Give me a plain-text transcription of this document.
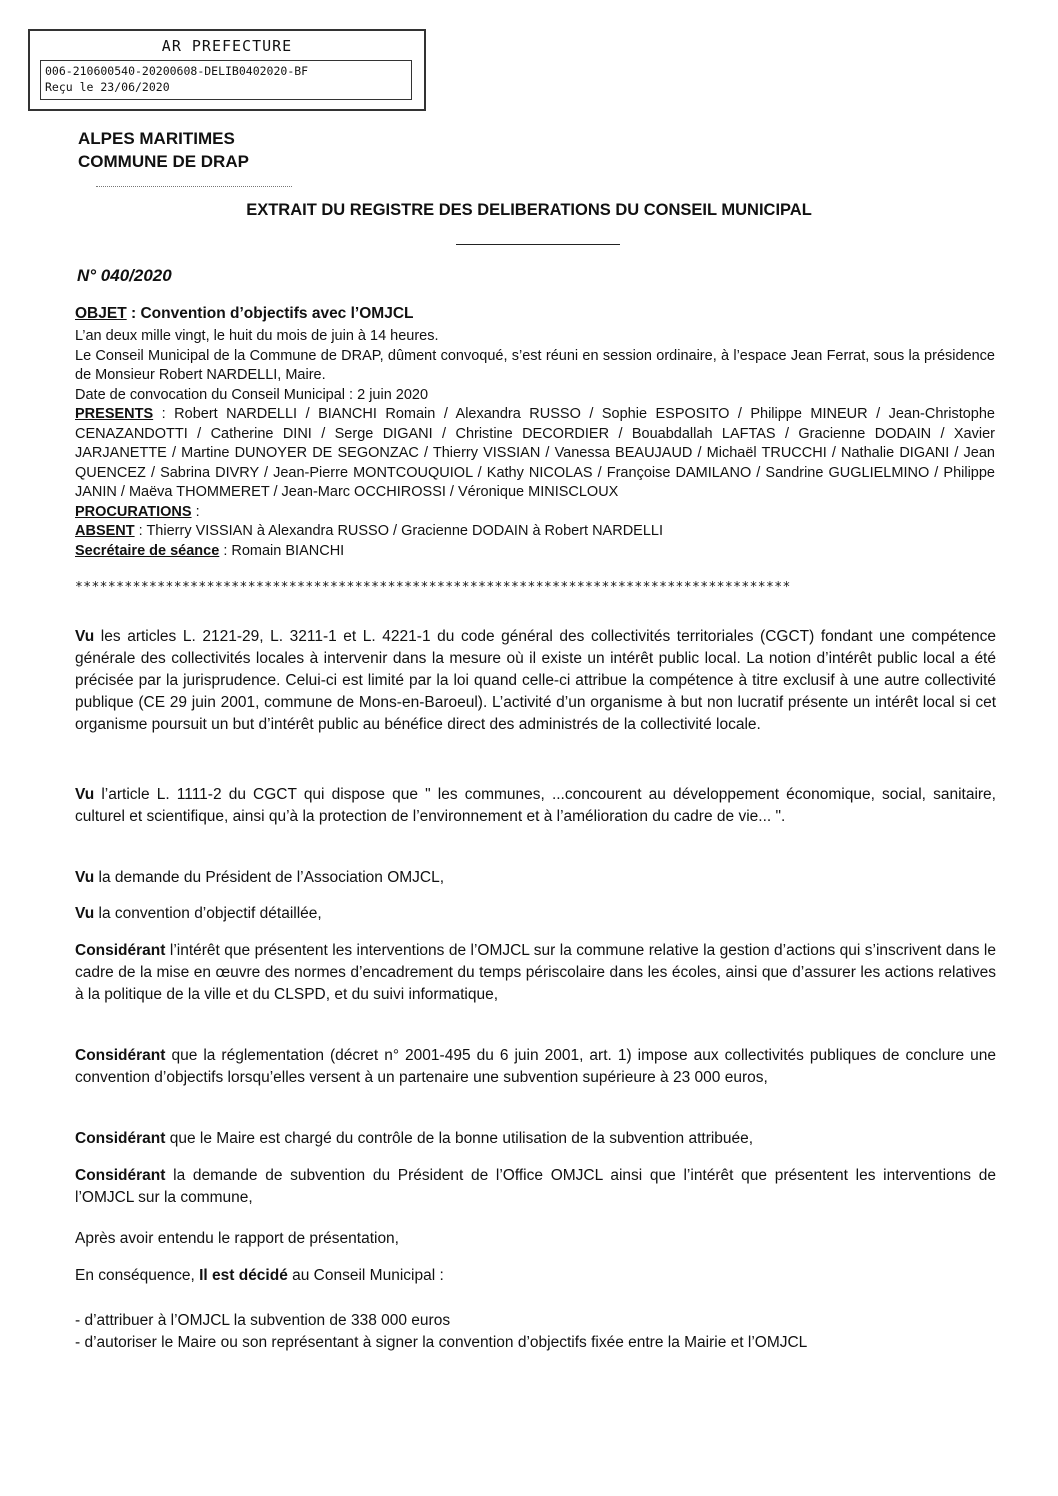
AR PREFECTURE
006-210600540-20200608-DELIB0402020-BF
Reçu le 23/06/2020
ALPES MARITIMES
COMMUNE DE DRAP
EXTRAIT DU REGISTRE DES DELIBERATIONS DU CONSEIL MUNICIPAL
N° 040/2020
OBJET : Convention d’objectifs avec l’OMJCL

L’an deux mille vingt, le huit du mois de juin à 14 heures.

Le Conseil Municipal de la Commune de DRAP, dûment convoqué, s’est réuni en session ordinaire, à l’espace Jean Ferrat, sous la présidence de Monsieur Robert NARDELLI, Maire.

Date de convocation du Conseil Municipal : 2 juin 2020

PRESENTS : Robert NARDELLI / BIANCHI Romain / Alexandra RUSSO / Sophie ESPOSITO / Philippe MINEUR / Jean-Christophe CENAZANDOTTI / Catherine DINI / Serge DIGANI / Christine DECORDIER / Bouabdallah LAFTAS / Gracienne DODAIN / Xavier JARJANETTE / Martine DUNOYER DE SEGONZAC / Thierry VISSIAN / Vanessa BEAUJAUD / Michaël TRUCCHI / Nathalie DIGANI / Jean QUENCEZ / Sabrina DIVRY / Jean-Pierre MONTCOUQUIOL / Kathy NICOLAS / Françoise DAMILANO / Sandrine GUGLIELMINO / Philippe JANIN / Maëva THOMMERET / Jean-Marc OCCHIROSSI / Véronique MINISCLOUX

PROCURATIONS :

ABSENT : Thierry VISSIAN à Alexandra RUSSO / Gracienne DODAIN à Robert NARDELLI

Secrétaire de séance : Romain BIANCHI

***************************************************************************************

Vu les articles L. 2121-29, L. 3211-1 et L. 4221-1 du code général des collectivités territoriales (CGCT) fondant une compétence générale des collectivités locales à intervenir dans la mesure où il existe un intérêt public local. La notion d’intérêt public local a été précisée par la jurisprudence. Celui-ci est limité par la loi quand celle-ci attribue la compétence à titre exclusif à une autre collectivité publique (CE 29 juin 2001, commune de Mons-en-Baroeul). L’activité d’un organisme à but non lucratif présente un intérêt local si cet organisme poursuit un but d’intérêt public au bénéfice direct des administrés de la collectivité locale.

Vu l’article L. 1111-2 du CGCT qui dispose que " les communes, ...concourent au développement économique, social, sanitaire, culturel et scientifique, ainsi qu’à la protection de l’environnement et à l’amélioration du cadre de vie... ".

Vu la demande du Président de l’Association OMJCL,

Vu la convention d’objectif détaillée,

Considérant l’intérêt que présentent les interventions de l’OMJCL sur la commune relative la gestion d’actions qui s’inscrivent dans le cadre de la mise en œuvre des normes d’encadrement du temps périscolaire dans les écoles, ainsi que d’assurer les actions relatives à la politique de la ville et du CLSPD, et du suivi informatique,

Considérant que la réglementation (décret n° 2001-495 du 6 juin 2001, art. 1) impose aux collectivités publiques de conclure une convention d’objectifs lorsqu’elles versent à un partenaire une subvention supérieure à 23 000 euros,

Considérant que le Maire est chargé du contrôle de la bonne utilisation de la subvention attribuée,

Considérant la demande de subvention du Président de l’Office OMJCL ainsi que l’intérêt que présentent les interventions de l’OMJCL sur la commune,

Après avoir entendu le rapport de présentation,

En conséquence, Il est décidé au Conseil Municipal :

- d’attribuer à l’OMJCL la subvention de 338 000 euros

- d’autoriser le Maire ou son représentant à signer la convention d’objectifs fixée entre la Mairie et l’OMJCL
